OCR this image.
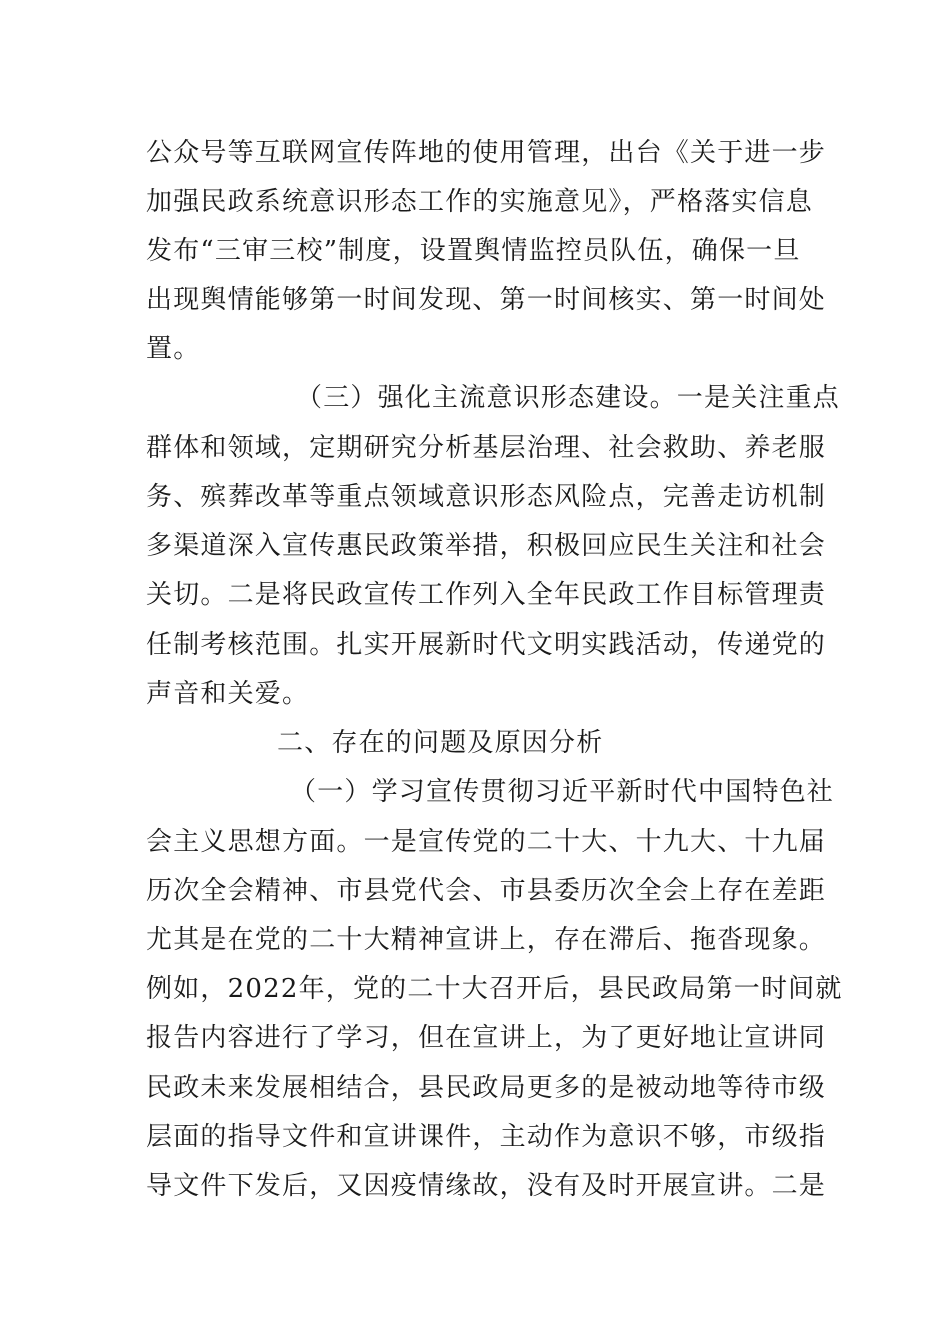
公众号等互联网宣传阵地的使用管理，出台《关于进一步
加强民政系统意识形态工作的实施意见》，严格落实信息
发布“三审三校”制度，设置舆情监控员队伍，确保一旦
出现舆情能够第一时间发现、第一时间核实、第一时间处
置。
（三）强化主流意识形态建设。一是关注重点
群体和领域，定期研究分析基层治理、社会救助、养老服
务、殡葬改革等重点领域意识形态风险点，完善走访机制
多渠道深入宣传惠民政策举措，积极回应民生关注和社会
关切。二是将民政宣传工作列入全年民政工作目标管理责
任制考核范围。扎实开展新时代文明实践活动，传递党的
声音和关爱。
二、存在的问题及原因分析
（一）学习宣传贯彻习近平新时代中国特色社
会主义思想方面。一是宣传党的二十大、十九大、十九届
历次全会精神、市县党代会、市县委历次全会上存在差距
尤其是在党的二十大精神宣讲上，存在滞后、拖沓现象。
例如，2022年，党的二十大召开后，县民政局第一时间就
报告内容进行了学习，但在宣讲上，为了更好地让宣讲同
民政未来发展相结合，县民政局更多的是被动地等待市级
层面的指导文件和宣讲课件，主动作为意识不够，市级指
导文件下发后，又因疫情缘故，没有及时开展宣讲。二是
